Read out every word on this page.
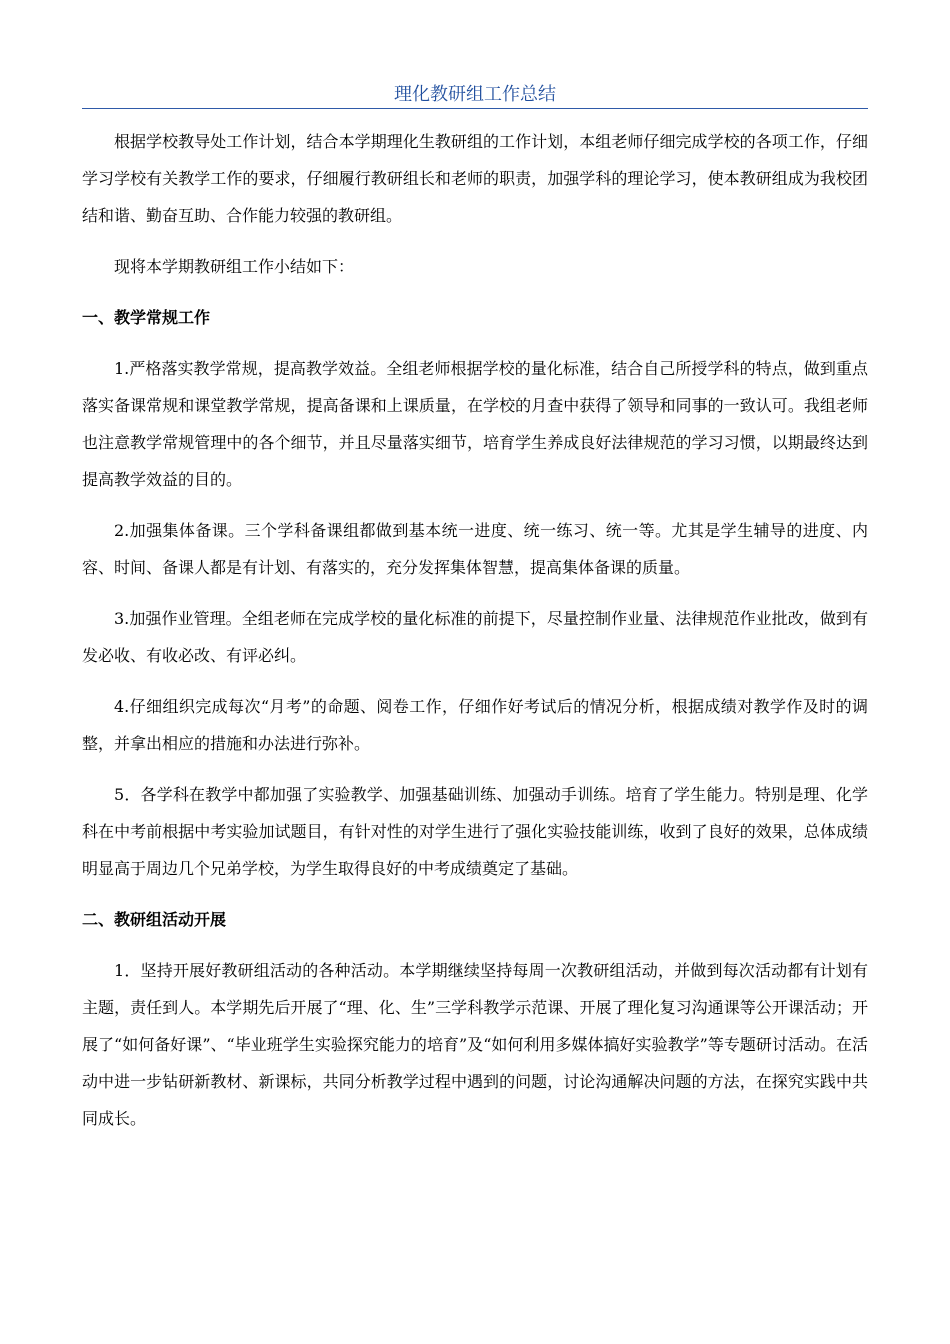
理化教研组工作总结

根据学校教导处工作计划，结合本学期理化生教研组的工作计划，本组老师仔细完成学校的各项工作，仔细学习学校有关教学工作的要求，仔细履行教研组长和老师的职责，加强学科的理论学习，使本教研组成为我校团结和谐、勤奋互助、合作能力较强的教研组。

现将本学期教研组工作小结如下：

一、教学常规工作

1.严格落实教学常规，提高教学效益。全组老师根据学校的量化标准，结合自己所授学科的特点，做到重点落实备课常规和课堂教学常规，提高备课和上课质量，在学校的月查中获得了领导和同事的一致认可。我组老师也注意教学常规管理中的各个细节，并且尽量落实细节，培育学生养成良好法律规范的学习习惯，以期最终达到提高教学效益的目的。

2.加强集体备课。三个学科备课组都做到基本统一进度、统一练习、统一等。尤其是学生辅导的进度、内容、时间、备课人都是有计划、有落实的，充分发挥集体智慧，提高集体备课的质量。

3.加强作业管理。全组老师在完成学校的量化标准的前提下，尽量控制作业量、法律规范作业批改，做到有发必收、有收必改、有评必纠。

4.仔细组织完成每次“月考”的命题、阅卷工作，仔细作好考试后的情况分析，根据成绩对教学作及时的调整，并拿出相应的措施和办法进行弥补。

5．各学科在教学中都加强了实验教学、加强基础训练、加强动手训练。培育了学生能力。特别是理、化学科在中考前根据中考实验加试题目，有针对性的对学生进行了强化实验技能训练，收到了良好的效果，总体成绩明显高于周边几个兄弟学校，为学生取得良好的中考成绩奠定了基础。

二、教研组活动开展

1．坚持开展好教研组活动的各种活动。本学期继续坚持每周一次教研组活动，并做到每次活动都有计划有主题，责任到人。本学期先后开展了“理、化、生”三学科教学示范课、开展了理化复习沟通课等公开课活动；开展了“如何备好课”、“毕业班学生实验探究能力的培育”及“如何利用多媒体搞好实验教学”等专题研讨活动。在活动中进一步钻研新教材、新课标，共同分析教学过程中遇到的问题，讨论沟通解决问题的方法，在探究实践中共同成长。
